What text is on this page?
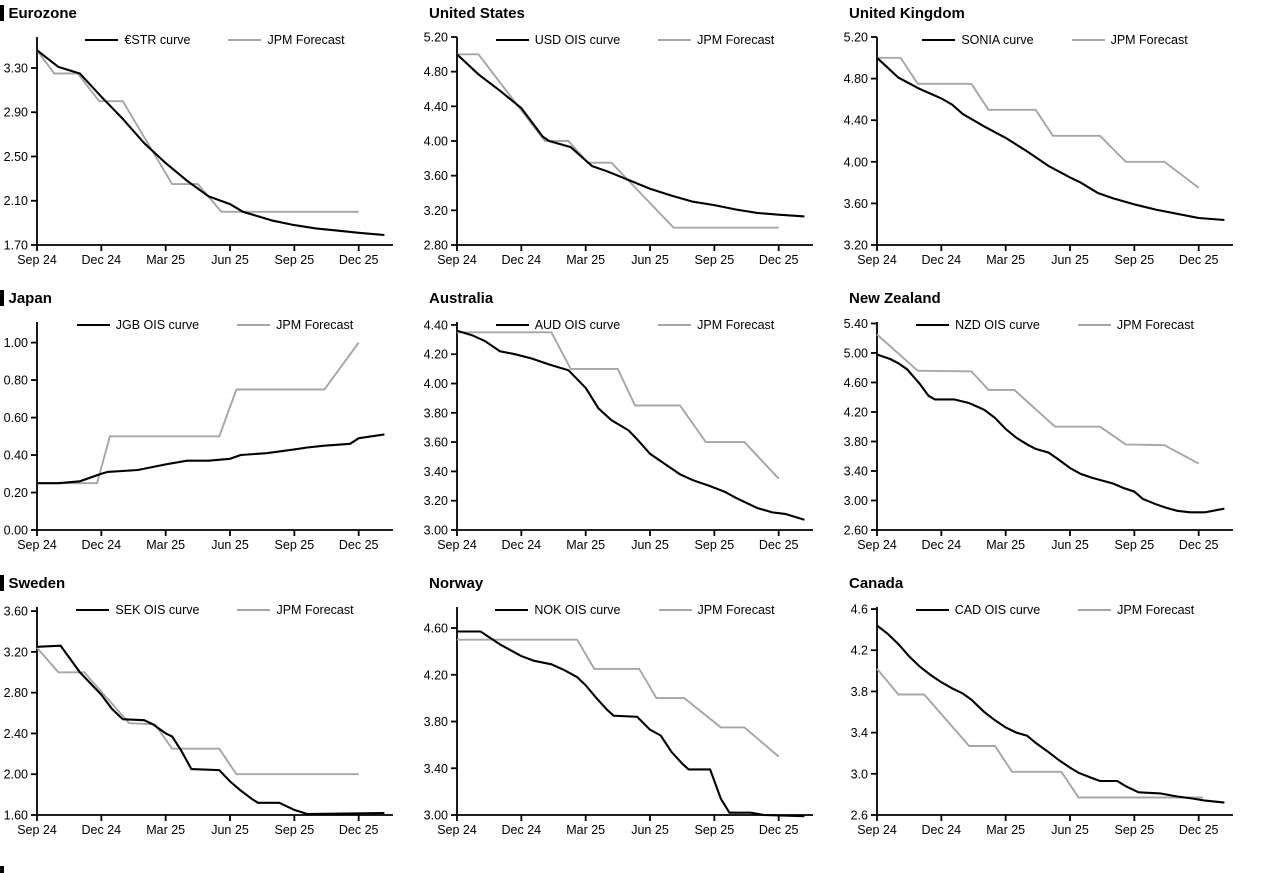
Eurozone
1.70
2.10
2.50
2.90
3.30
Sep 24 Dec 24 Mar 25 Jun 25 Sep 25 Dec 25
€STR curve	JPM Forecast
United States
2.80
3.20
3.60
4.00
4.40
4.80
5.20
Sep 24 Dec 24 Mar 25 Jun 25 Sep 25 Dec 25
USD OIS curve	JPM Forecast
United Kingdom
3.20
3.60
4.00
4.40
4.80
5.20
Sep 24 Dec 24 Mar 25 Jun 25 Sep 25 Dec 25
SONIA curve	JPM Forecast
Japan
0.00
0.20
0.40
0.60
0.80
1.00
Sep 24 Dec 24 Mar 25 Jun 25 Sep 25 Dec 25
JGB OIS curve	JPM Forecast
Australia
3.00
3.20
3.40
3.60
3.80
4.00
4.20
4.40
Sep 24 Dec 24 Mar 25 Jun 25 Sep 25 Dec 25
AUD OIS curve	JPM Forecast
New Zealand
2.60
3.00
3.40
3.80
4.20
4.60
5.00
5.40
Sep 24 Dec 24 Mar 25 Jun 25 Sep 25 Dec 25
NZD OIS curve	JPM Forecast
Sweden
1.60
2.00
2.40
2.80
3.20
3.60
Sep 24 Dec 24 Mar 25 Jun 25 Sep 25 Dec 25
SEK OIS curve	JPM Forecast
Norway
3.00
3.40
3.80
4.20
4.60
Sep 24 Dec 24 Mar 25 Jun 25 Sep 25 Dec 25
NOK OIS curve	JPM Forecast
Canada
2.6
3.0
3.4
3.8
4.2
4.6
Sep 24 Dec 24 Mar 25 Jun 25 Sep 25 Dec 25
CAD OIS curve	JPM Forecast
